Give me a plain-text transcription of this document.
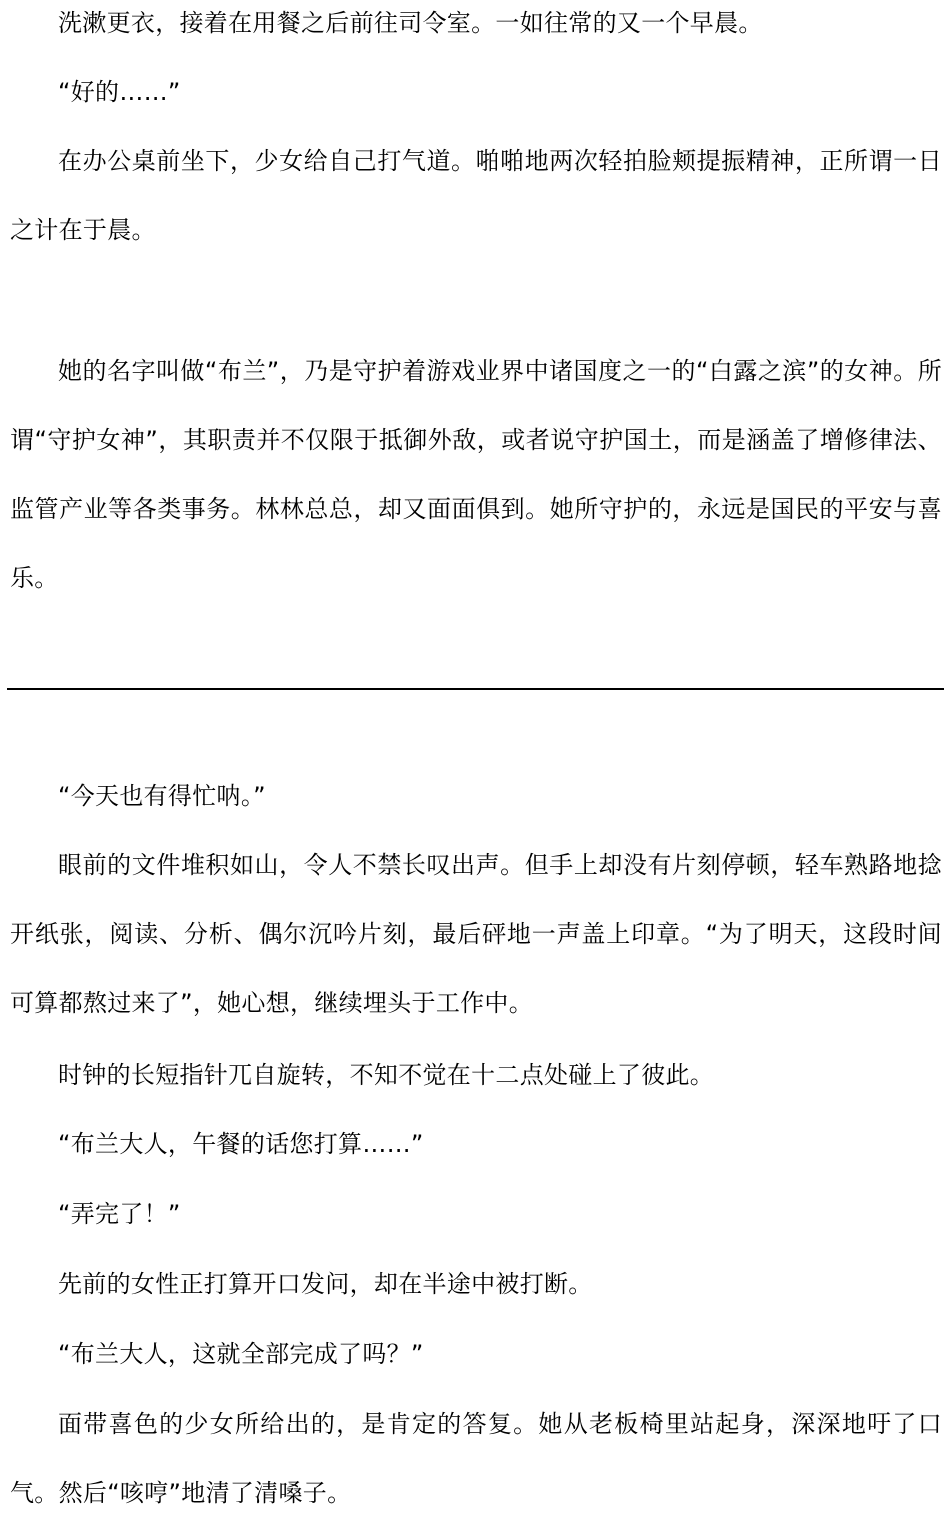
洗漱更衣，接着在用餐之后前往司令室。一如往常的又一个早晨。

“好的……”

在办公桌前坐下，少女给自己打气道。啪啪地两次轻拍脸颊提振精神，正所谓一日之计在于晨。

她的名字叫做“布兰”，乃是守护着游戏业界中诸国度之一的“白露之滨”的女神。所谓“守护女神”，其职责并不仅限于抵御外敌，或者说守护国土，而是涵盖了增修律法、监管产业等各类事务。林林总总，却又面面俱到。她所守护的，永远是国民的平安与喜乐。

“今天也有得忙呐。”

眼前的文件堆积如山，令人不禁长叹出声。但手上却没有片刻停顿，轻车熟路地捻开纸张，阅读、分析、偶尔沉吟片刻，最后砰地一声盖上印章。“为了明天，这段时间可算都熬过来了”，她心想，继续埋头于工作中。

时钟的长短指针兀自旋转，不知不觉在十二点处碰上了彼此。

“布兰大人，午餐的话您打算……”

“弄完了！”

先前的女性正打算开口发问，却在半途中被打断。

“布兰大人，这就全部完成了吗？”

面带喜色的少女所给出的，是肯定的答复。她从老板椅里站起身，深深地吁了口气。然后“咳哼”地清了清嗓子。
